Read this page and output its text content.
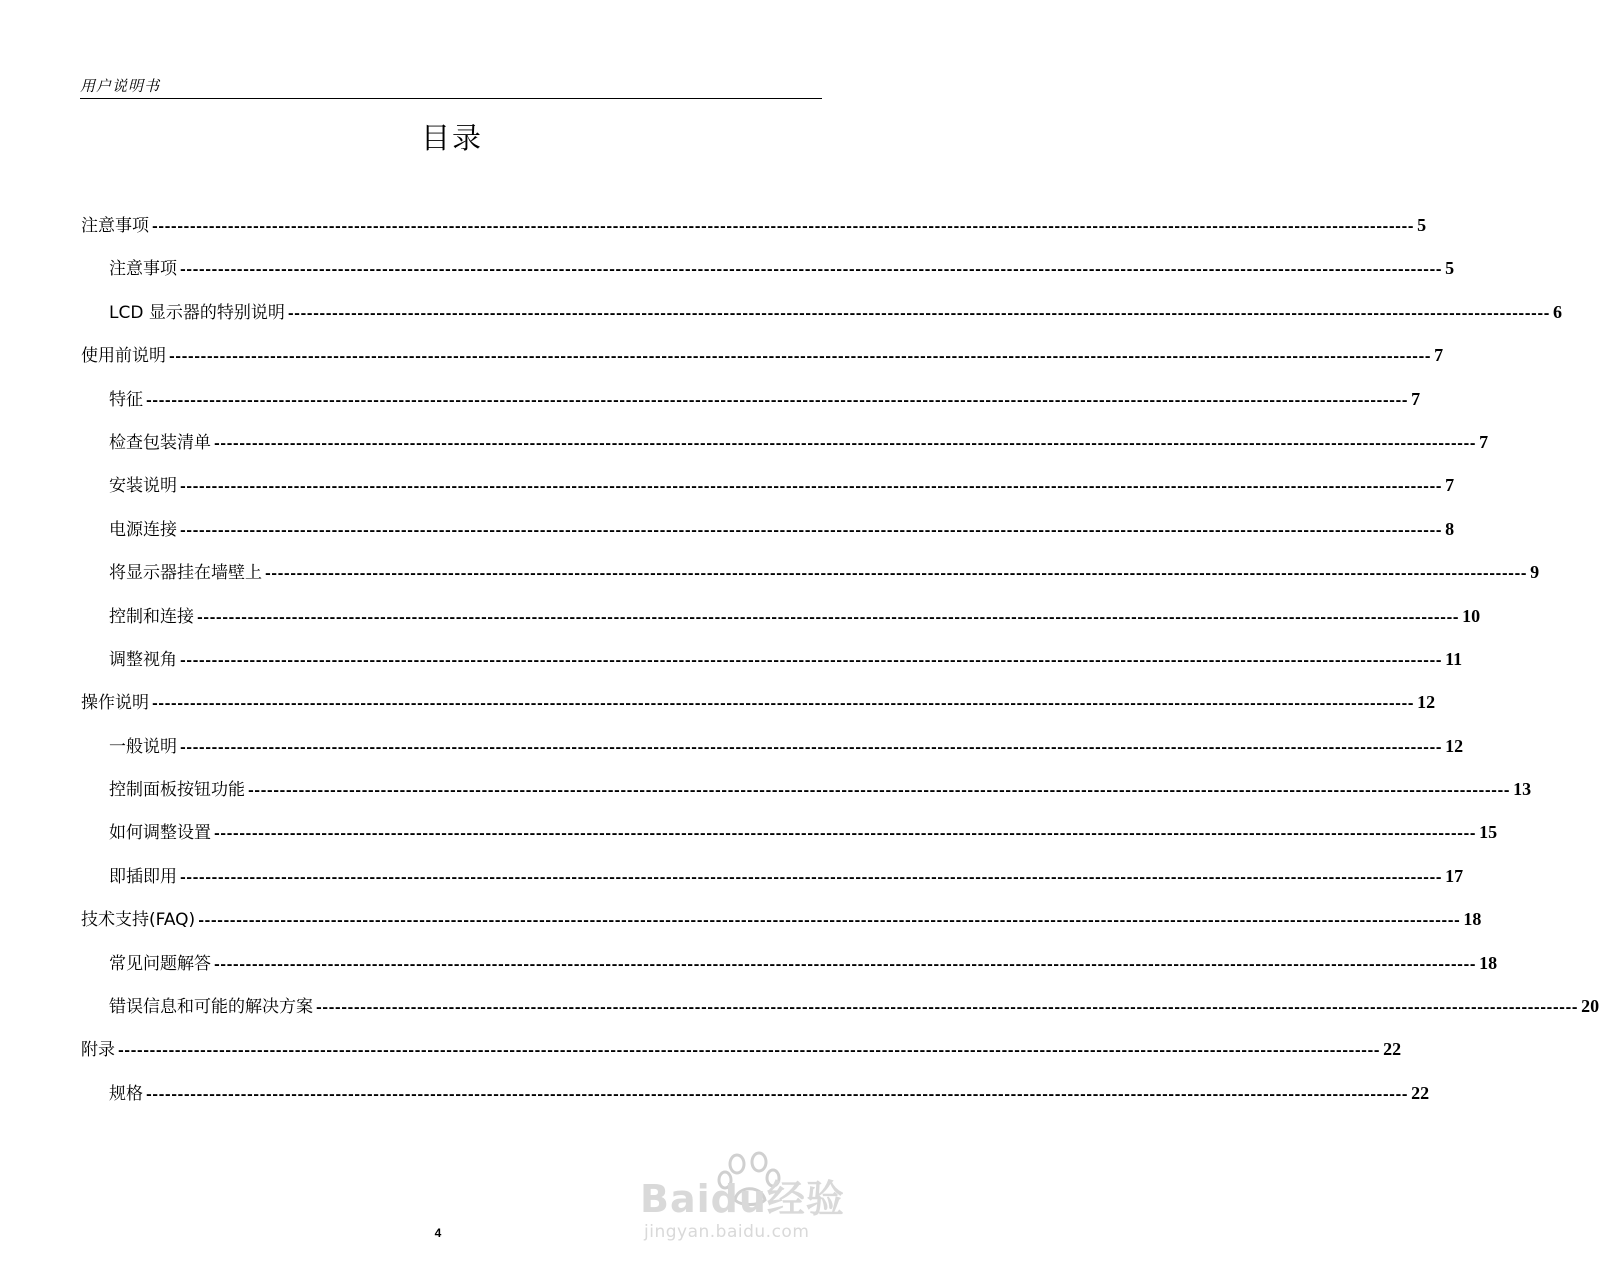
用户说明书
目录
注意事项 -------------------------------------------------------------------------------------------------------------------------------------------------------------------------------------------------------- 5
注意事项 -------------------------------------------------------------------------------------------------------------------------------------------------------------------------------------------------------- 5
LCD 显示器的特别说明 -------------------------------------------------------------------------------------------------------------------------------------------------------------------------------------------------------- 6
使用前说明 -------------------------------------------------------------------------------------------------------------------------------------------------------------------------------------------------------- 7
特征 -------------------------------------------------------------------------------------------------------------------------------------------------------------------------------------------------------- 7
检查包装清单 -------------------------------------------------------------------------------------------------------------------------------------------------------------------------------------------------------- 7
安装说明 -------------------------------------------------------------------------------------------------------------------------------------------------------------------------------------------------------- 7
电源连接 -------------------------------------------------------------------------------------------------------------------------------------------------------------------------------------------------------- 8
将显示器挂在墙壁上 -------------------------------------------------------------------------------------------------------------------------------------------------------------------------------------------------------- 9
控制和连接 -------------------------------------------------------------------------------------------------------------------------------------------------------------------------------------------------------- 10
调整视角 -------------------------------------------------------------------------------------------------------------------------------------------------------------------------------------------------------- 11
操作说明 -------------------------------------------------------------------------------------------------------------------------------------------------------------------------------------------------------- 12
一般说明 -------------------------------------------------------------------------------------------------------------------------------------------------------------------------------------------------------- 12
控制面板按钮功能 -------------------------------------------------------------------------------------------------------------------------------------------------------------------------------------------------------- 13
如何调整设置 -------------------------------------------------------------------------------------------------------------------------------------------------------------------------------------------------------- 15
即插即用 -------------------------------------------------------------------------------------------------------------------------------------------------------------------------------------------------------- 17
技术支持(FAQ) -------------------------------------------------------------------------------------------------------------------------------------------------------------------------------------------------------- 18
常见问题解答 -------------------------------------------------------------------------------------------------------------------------------------------------------------------------------------------------------- 18
错误信息和可能的解决方案 -------------------------------------------------------------------------------------------------------------------------------------------------------------------------------------------------------- 20
附录 -------------------------------------------------------------------------------------------------------------------------------------------------------------------------------------------------------- 22
规格 -------------------------------------------------------------------------------------------------------------------------------------------------------------------------------------------------------- 22
4
Baidu经验
jingyan.baidu.com
